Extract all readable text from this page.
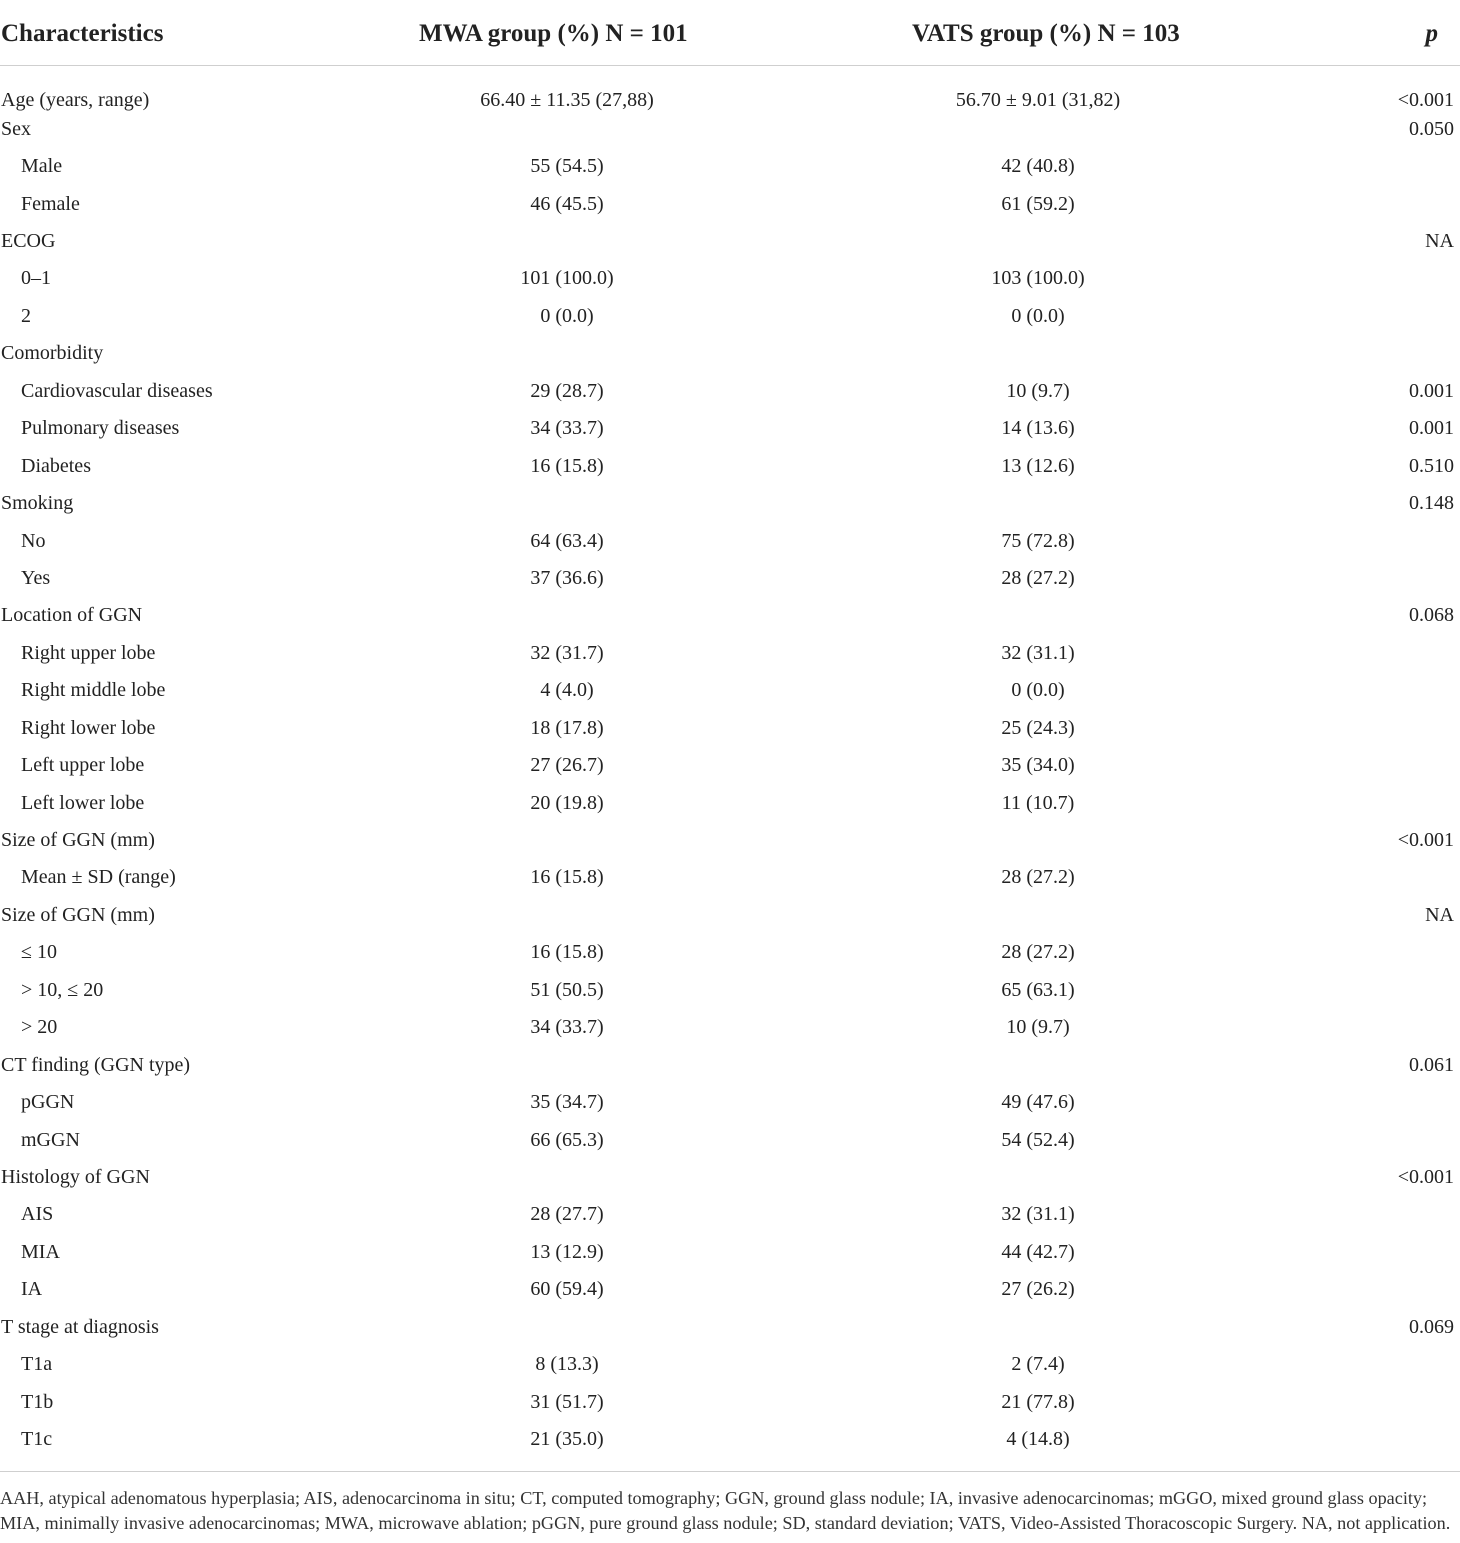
Characteristics	MWA group (%) N = 101	VATS group (%) N = 103	p
Age (years, range)	66.40 ± 11.35 (27,88)	56.70 ± 9.01 (31,82)	<0.001
Sex			0.050
Male	55 (54.5)	42 (40.8)	
Female	46 (45.5)	61 (59.2)	
ECOG			NA
0–1	101 (100.0)	103 (100.0)	
2	0 (0.0)	0 (0.0)	
Comorbidity			
Cardiovascular diseases	29 (28.7)	10 (9.7)	0.001
Pulmonary diseases	34 (33.7)	14 (13.6)	0.001
Diabetes	16 (15.8)	13 (12.6)	0.510
Smoking			0.148
No	64 (63.4)	75 (72.8)	
Yes	37 (36.6)	28 (27.2)	
Location of GGN			0.068
Right upper lobe	32 (31.7)	32 (31.1)	
Right middle lobe	4 (4.0)	0 (0.0)	
Right lower lobe	18 (17.8)	25 (24.3)	
Left upper lobe	27 (26.7)	35 (34.0)	
Left lower lobe	20 (19.8)	11 (10.7)	
Size of GGN (mm)			<0.001
Mean ± SD (range)	16 (15.8)	28 (27.2)	
Size of GGN (mm)			NA
≤ 10	16 (15.8)	28 (27.2)	
> 10, ≤ 20	51 (50.5)	65 (63.1)	
> 20	34 (33.7)	10 (9.7)	
CT finding (GGN type)			0.061
pGGN	35 (34.7)	49 (47.6)	
mGGN	66 (65.3)	54 (52.4)	
Histology of GGN			<0.001
AIS	28 (27.7)	32 (31.1)	
MIA	13 (12.9)	44 (42.7)	
IA	60 (59.4)	27 (26.2)	
T stage at diagnosis			0.069
T1a	8 (13.3)	2 (7.4)	
T1b	31 (51.7)	21 (77.8)	
T1c	21 (35.0)	4 (14.8)	
AAH, atypical adenomatous hyperplasia; AIS, adenocarcinoma in situ; CT, computed tomography; GGN, ground glass nodule; IA, invasive adenocarcinomas; mGGO, mixed ground glass opacity; MIA, minimally invasive adenocarcinomas; MWA, microwave ablation; pGGN, pure ground glass nodule; SD, standard deviation; VATS, Video-Assisted Thoracoscopic Surgery. NA, not application.
